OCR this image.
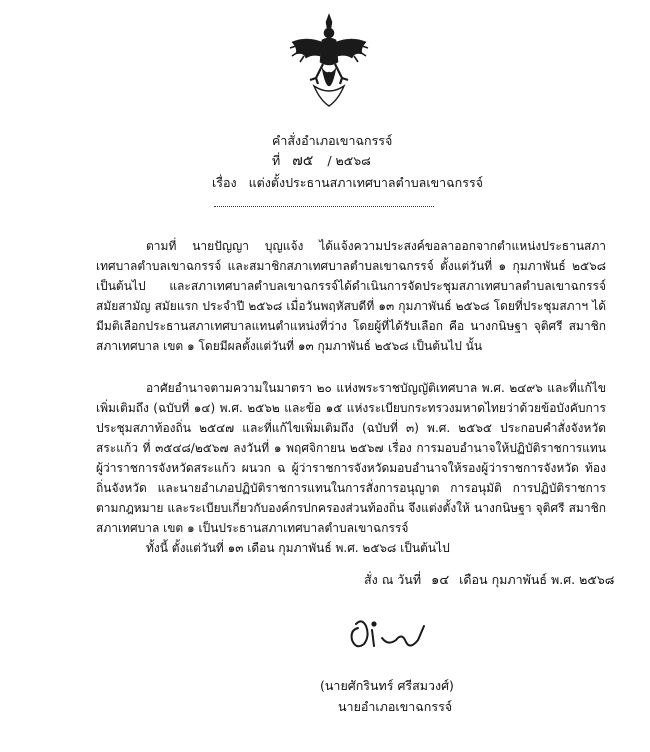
คำสั่งอำเภอเขาฉกรรจ์
ที่ ๗๕ / ๒๕๖๘
เรื่อง แต่งตั้งประธานสภาเทศบาลตำบลเขาฉกรรจ์

ตามที่ นายปัญญา บุญแจ้ง ได้แจ้งความประสงค์ขอลาออกจากตำแหน่งประธานสภาเทศบาลตำบลเขาฉกรรจ์ และสมาชิกสภาเทศบาลตำบลเขาฉกรรจ์ ตั้งแต่วันที่ ๑ กุมภาพันธ์ ๒๕๖๘ เป็นต้นไป และสภาเทศบาลตำบลเขาฉกรรจ์ได้ดำเนินการจัดประชุมสภาเทศบาลตำบลเขาฉกรรจ์ สมัยสามัญ สมัยแรก ประจำปี ๒๕๖๘ เมื่อวันพฤหัสบดีที่ ๑๓ กุมภาพันธ์ ๒๕๖๘ โดยที่ประชุมสภาฯ ได้มีมติเลือกประธานสภาเทศบาลแทนตำแหน่งที่ว่าง โดยผู้ที่ได้รับเลือก คือ นางกนิษฐา จุติศรี สมาชิกสภาเทศบาล เขต ๑ โดยมีผลตั้งแต่วันที่ ๑๓ กุมภาพันธ์ ๒๕๖๘ เป็นต้นไป นั้น

อาศัยอำนาจตามความในมาตรา ๒๐ แห่งพระราชบัญญัติเทศบาล พ.ศ. ๒๔๙๖ และที่แก้ไขเพิ่มเติมถึง (ฉบับที่ ๑๔) พ.ศ. ๒๕๖๒ และข้อ ๑๕ แห่งระเบียบกระทรวงมหาดไทยว่าด้วยข้อบังคับการประชุมสภาท้องถิ่น ๒๕๔๗ และที่แก้ไขเพิ่มเติมถึง (ฉบับที่ ๓) พ.ศ. ๒๕๖๕ ประกอบคำสั่งจังหวัดสระแก้ว ที่ ๓๕๔๘/๒๕๖๗ ลงวันที่ ๑ พฤศจิกายน ๒๕๖๗ เรื่อง การมอบอำนาจให้ปฏิบัติราชการแทนผู้ว่าราชการจังหวัดสระแก้ว ผนวก ฉ ผู้ว่าราชการจังหวัดมอบอำนาจให้รองผู้ว่าราชการจังหวัด ท้องถิ่นจังหวัด และนายอำเภอปฏิบัติราชการแทนในการสั่งการอนุญาต การอนุมัติ การปฏิบัติราชการตามกฎหมาย และระเบียบเกี่ยวกับองค์กรปกครองส่วนท้องถิ่น จึงแต่งตั้งให้ นางกนิษฐา จุติศรี สมาชิกสภาเทศบาล เขต ๑ เป็นประธานสภาเทศบาลตำบลเขาฉกรรจ์

ทั้งนี้ ตั้งแต่วันที่ ๑๓ เดือน กุมภาพันธ์ พ.ศ. ๒๕๖๘ เป็นต้นไป

สั่ง ณ วันที่ ๑๔ เดือน กุมภาพันธ์ พ.ศ. ๒๕๖๘
(นายศักรินทร์ ศรีสมวงศ์)
นายอำเภอเขาฉกรรจ์
